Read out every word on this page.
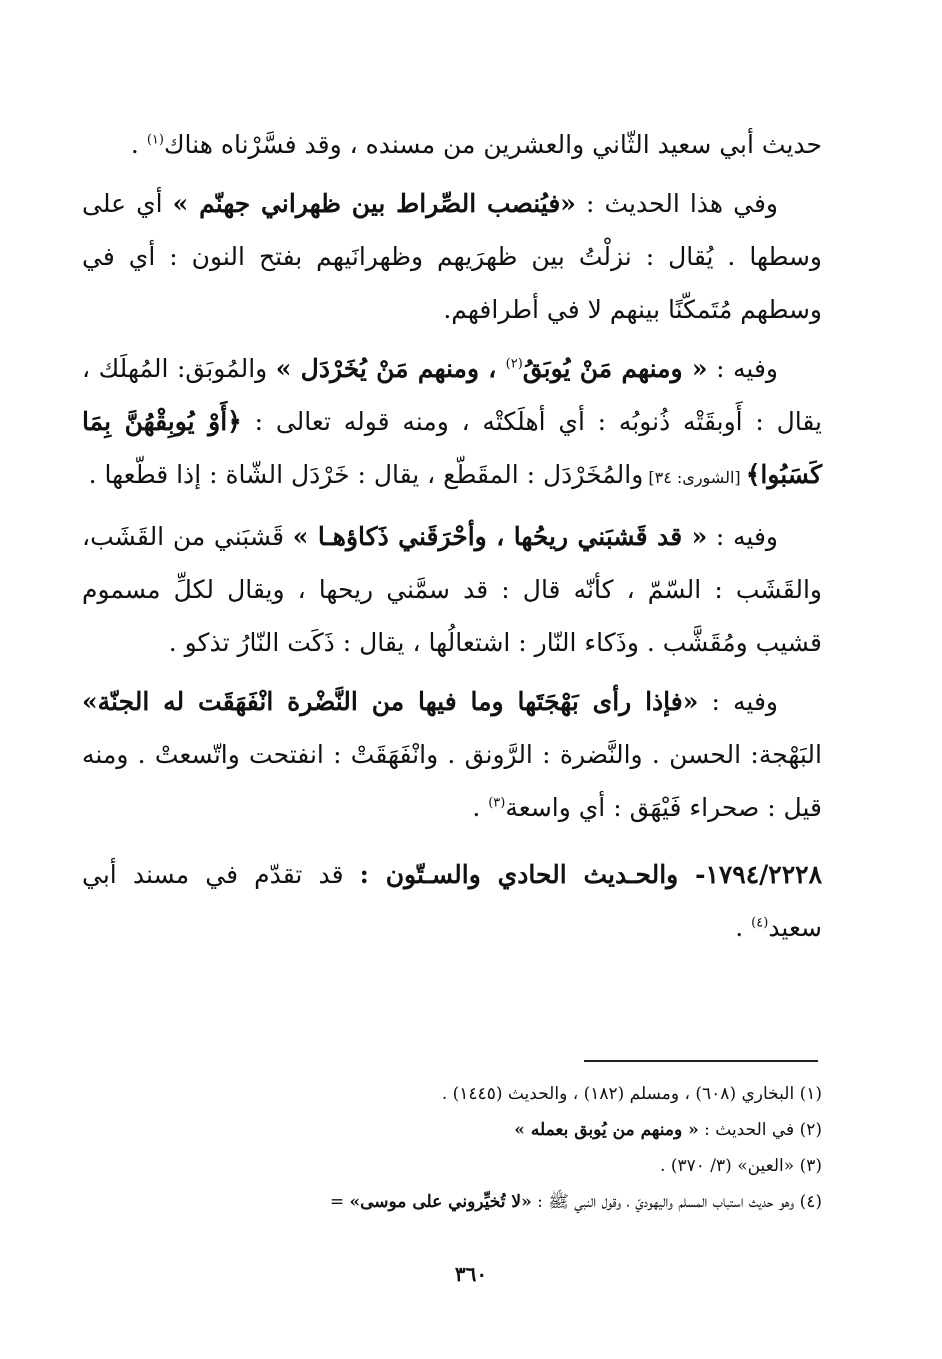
حديث أبي سعيد الثّاني والعشرين من مسنده ، وقد فسَّرْناه هناك$^{(١)}$ .

وفي هذا الحديث : «فيُنصب الصِّراط بين ظهراني جهنّم » أي على وسطها . يُقال : نزلْتُ بين ظهرَيهم وظهرانَيهم بفتح النون : أي في وسطهم مُتَمكّنًا بينهم لا في أطرافهم.

وفيه : « ومنهم مَنْ يُوبَقُ$^{(٢)}$ ، ومنهم مَنْ يُخَرْدَل » والمُوبَق: المُهلَك ، يقال : أَوبقَتْه ذُنوبُه : أي أهلَكتْه ، ومنه قوله تعالى : ﴿أَوْ يُوبِقْهُنَّ بِمَا كَسَبُوا﴾ [الشورى: ٣٤] والمُخَرْدَل : المقَطّع ، يقال : خَرْدَل الشّاة : إذا قطّعها .

وفيه : « قد قَشبَني ريحُها ، وأحْرَقَني ذَكاؤهـا » قَشبَني من القَشَب، والقَشَب : السّمّ ، كأنّه قال : قد سمَّني ريحها ، ويقال لكلِّ مسموم قشيب ومُقَشَّب . وذَكاء النّار : اشتعالُها ، يقال : ذَكَت النّارُ تذكو .

وفيه : «فإذا رأى بَهْجَتَها وما فيها من النَّضْرة انْفَهَقَت له الجنّة» البَهْجة: الحسن . والنَّضرة : الرَّونق . وانْفَهَقَتْ : انفتحت واتّسعتْ . ومنه قيل : صحراء فَيْهَق : أي واسعة$^{(٣)}$ .

١٧٩٤/٢٢٢٨- والحـديث الحادي والسـتّون : قد تقدّم في مسند أبي سعيد$^{(٤)}$ .

(١) البخاري (٦٠٨) ، ومسلم (١٨٢) ، والحديث (١٤٤٥) .

(٢) في الحديث : « ومنهم من يُوبق بعمله »

(٣) «العين» (٣/ ٣٧٠) .

(٤) وهو حديث استباب المسلم واليهوديّ ، وقول النبي ﷺ : «لا تُخيِّروني على موسى» =

٣٦٠
